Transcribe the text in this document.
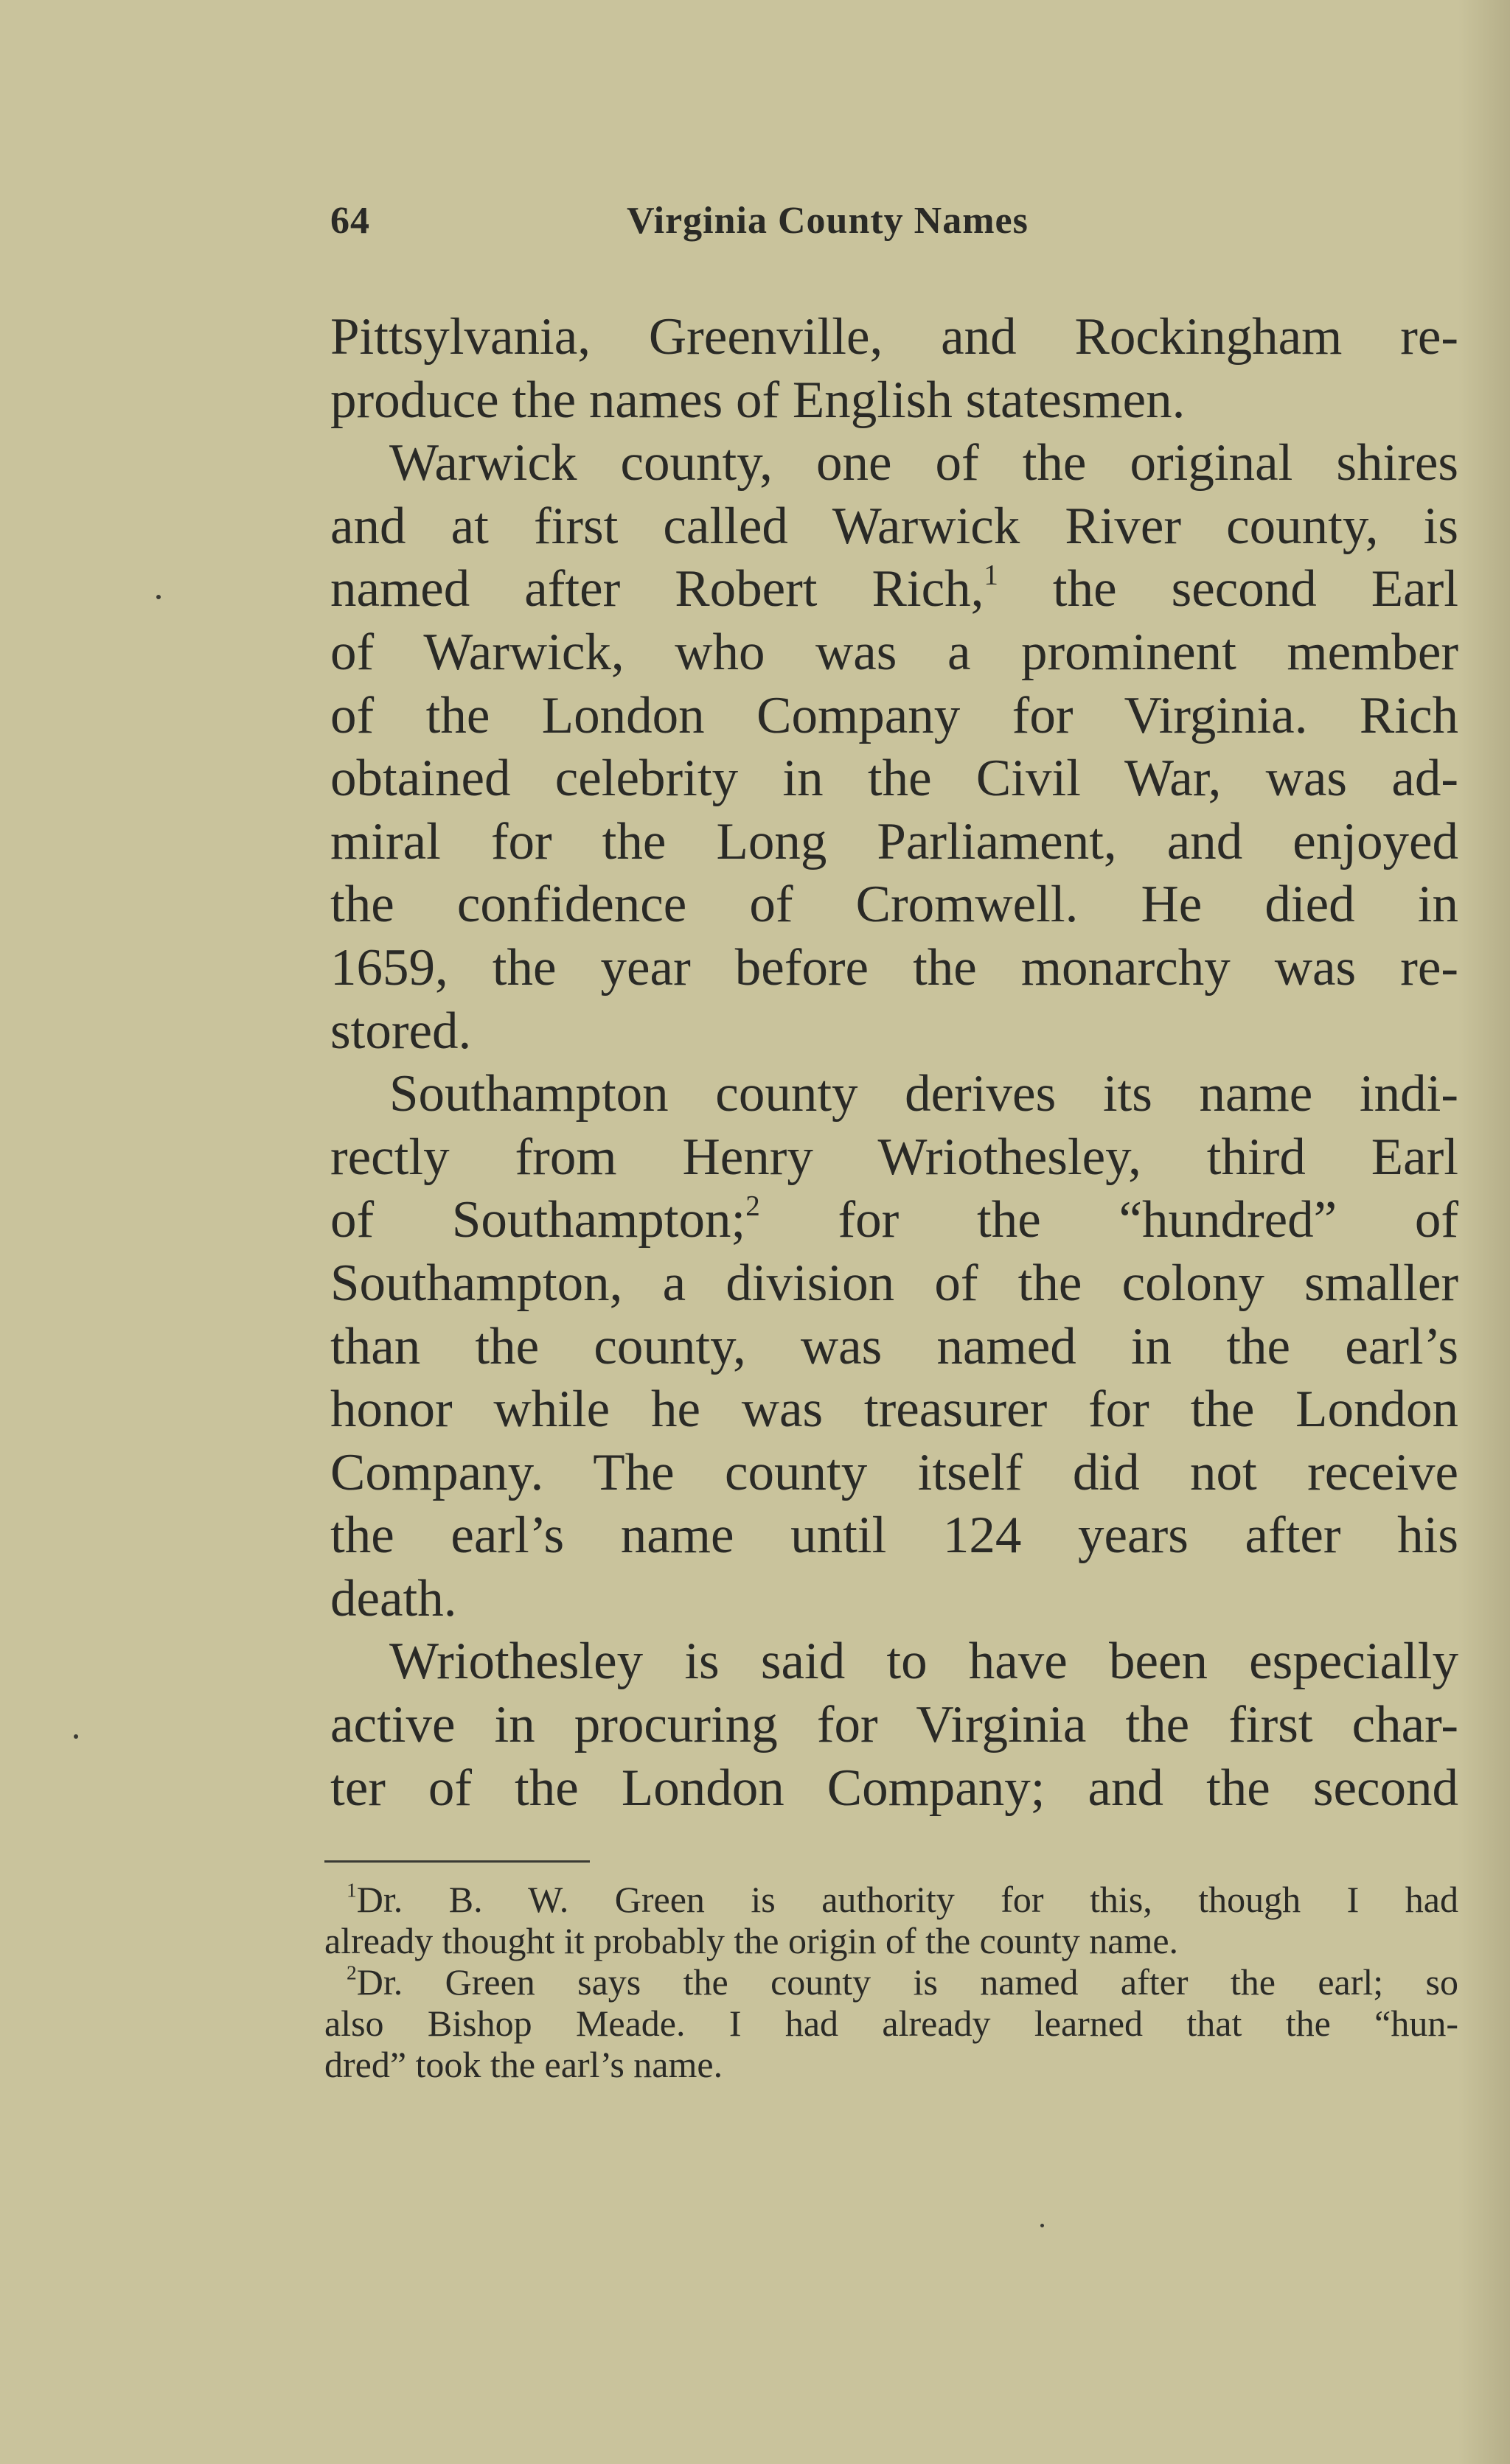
64	Virginia County Names
Pittsylvania, Greenville, and Rockingham re-
produce the names of English statesmen.
Warwick county, one of the original shires
and at first called Warwick River county, is
named after Robert Rich,$^1$ the second Earl
of Warwick, who was a prominent member
of the London Company for Virginia. Rich
obtained celebrity in the Civil War, was ad-
miral for the Long Parliament, and enjoyed
the confidence of Cromwell. He died in
1659, the year before the monarchy was re-
stored.
Southampton county derives its name indi-
rectly from Henry Wriothesley, third Earl
of Southampton;$^2$ for the “hundred” of
Southampton, a division of the colony smaller
than the county, was named in the earl’s
honor while he was treasurer for the London
Company. The county itself did not receive
the earl’s name until 124 years after his
death.
Wriothesley is said to have been especially
active in procuring for Virginia the first char-
ter of the London Company; and the second
$^1$Dr. B. W. Green is authority for this, though I had
already thought it probably the origin of the county name.
$^2$Dr. Green says the county is named after the earl; so
also Bishop Meade. I had already learned that the “hun-
dred” took the earl’s name.
